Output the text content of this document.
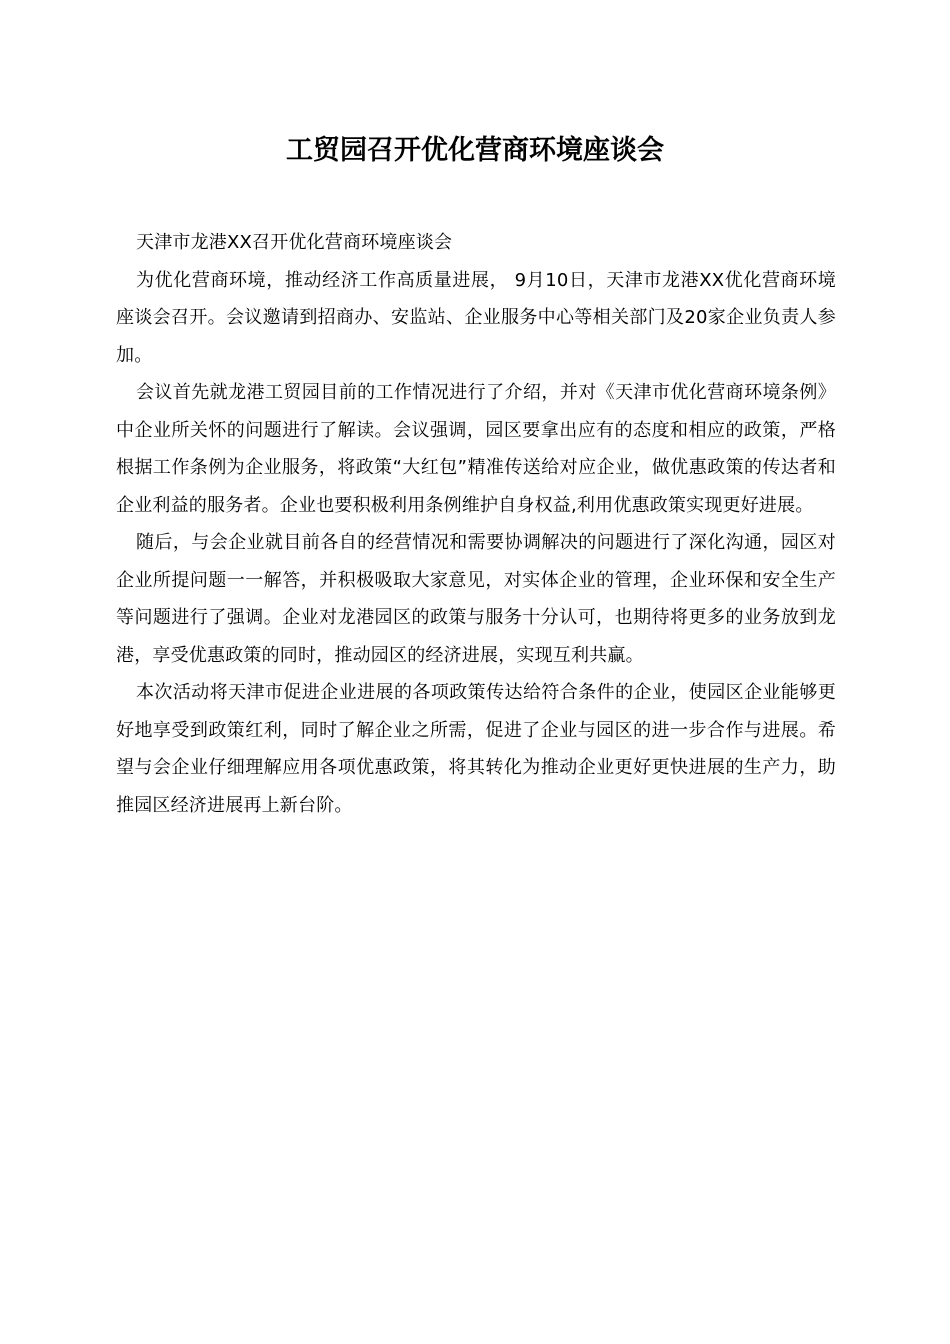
工贸园召开优化营商环境座谈会

天津市龙港XX召开优化营商环境座谈会

为优化营商环境，推动经济工作高质量进展， 9月10日，天津市龙港XX优化营商环境座谈会召开。会议邀请到招商办、安监站、企业服务中心等相关部门及20家企业负责人参加。

会议首先就龙港工贸园目前的工作情况进行了介绍，并对《天津市优化营商环境条例》中企业所关怀的问题进行了解读。会议强调，园区要拿出应有的态度和相应的政策，严格根据工作条例为企业服务，将政策“大红包”精准传送给对应企业，做优惠政策的传达者和企业利益的服务者。企业也要积极利用条例维护自身权益,利用优惠政策实现更好进展。

随后，与会企业就目前各自的经营情况和需要协调解决的问题进行了深化沟通，园区对企业所提问题一一解答，并积极吸取大家意见，对实体企业的管理，企业环保和安全生产等问题进行了强调。企业对龙港园区的政策与服务十分认可，也期待将更多的业务放到龙港，享受优惠政策的同时，推动园区的经济进展，实现互利共赢。

本次活动将天津市促进企业进展的各项政策传达给符合条件的企业，使园区企业能够更好地享受到政策红利，同时了解企业之所需，促进了企业与园区的进一步合作与进展。希望与会企业仔细理解应用各项优惠政策，将其转化为推动企业更好更快进展的生产力，助推园区经济进展再上新台阶。
